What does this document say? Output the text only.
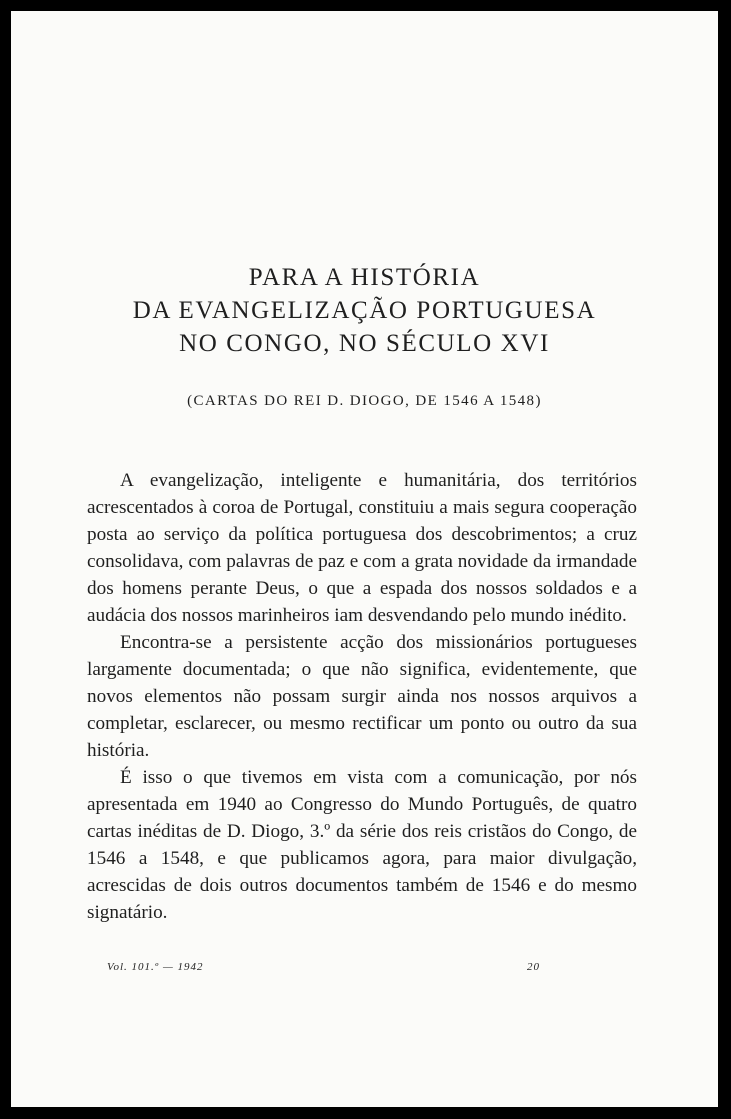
PARA A HISTÓRIA
DA EVANGELIZAÇÃO PORTUGUESA
NO CONGO, NO SÉCULO XVI

(CARTAS DO REI D. DIOGO, DE 1546 A 1548)

A evangelização, inteligente e humanitária, dos territórios acrescentados à coroa de Portugal, constituiu a mais segura cooperação posta ao serviço da política portuguesa dos descobrimentos; a cruz consolidava, com palavras de paz e com a grata novidade da irmandade dos homens perante Deus, o que a espada dos nossos soldados e a audácia dos nossos marinheiros iam desvendando pelo mundo inédito.

Encontra-se a persistente acção dos missionários portugueses largamente documentada; o que não significa, evidentemente, que novos elementos não possam surgir ainda nos nossos arquivos a completar, esclarecer, ou mesmo rectificar um ponto ou outro da sua história.

É isso o que tivemos em vista com a comunicação, por nós apresentada em 1940 ao Congresso do Mundo Português, de quatro cartas inéditas de D. Diogo, 3.º da série dos reis cristãos do Congo, de 1546 a 1548, e que publicamos agora, para maior divulgação, acrescidas de dois outros documentos também de 1546 e do mesmo signatário.

Vol. 101.º — 1942	20
